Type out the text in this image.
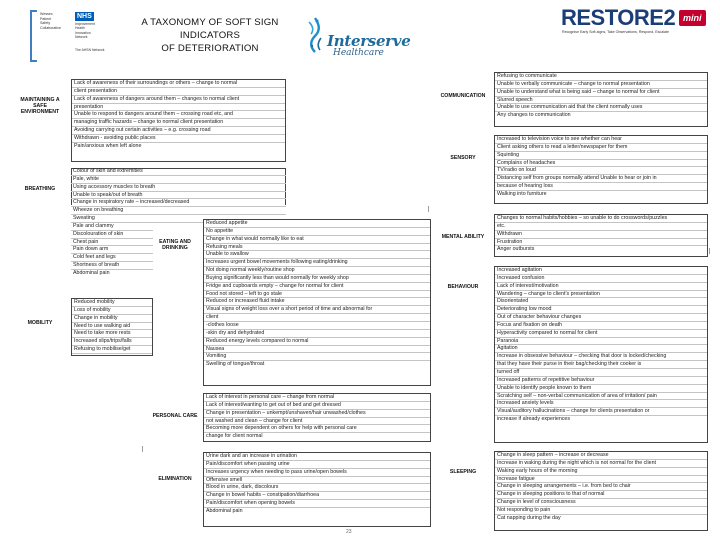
Wessex
Patient
Safety
Collaborative
NHS
Improvement
Health
Innovation
Network
The AHSN Network
A TAXONOMY OF SOFT SIGN
INDICATORS
OF DETERIORATION	Interserve
Healthcare
RESTORE2 mini
Recognise Early Soft-signs, Take Observations, Respond, Escalate
MAINTAINING A
SAFE
ENVIRONMENT
Lack of awareness of their surroundings or others – change to normal
client presentation
Lack of awareness of dangers around them – changes to normal client
presentation
Unable to respond to dangers around them – crossing road etc, and
managing traffic hazards – change to normal client presentation
Avoiding carrying out certain activities – e.g. crossing road
Withdrawn - avoiding public places
Pain/anxious when left alone
BREATHING
Colour of skin and extremities
Pale, white
Using accessory muscles to breath
Unable to speak/out of breath
Change in respiratory rate – increased/decreased
Wheeze on breathing
Sweating
Pale and clammy
Discolouration of skin
Chest pain
Pain down arm
Cold feet and legs
Shortness of breath
Abdominal pain
MOBILITY
Reduced mobility
Loss of mobility
Change in mobility
Need to use walking aid
Need to take more rests
Increased slips/trips/falls
Refusing to mobilise/get
EATING AND
DRINKING
Reduced appetite
No appetite
Change in what would normally like to eat
Refusing meals
Unable to swallow
Increases urgent bowel movements following eating/drinking
Not doing normal weekly/routine shop
Buying significantly less than would normally for weekly shop
Fridge and cupboards empty – change for normal for client
Food not stored – left to go stale
Reduced or increased fluid intake
Visual signs of weight loss over a short period of time and abnormal for
client
-clothes loose
-skin dry and dehydrated
Reduced energy levels compared to normal
Nausea
Vomiting
Swelling of tongue/throat
PERSONAL CARE
Lack of interest in personal care – change from normal
Lack of interest/wanting to get out of bed and get dressed
Change in presentation – unkempt/unshaven/hair unwashed/clothes
not washed and clean – change for client
Becoming more dependent on others for help with personal care
change for client normal
ELIMINATION
Urine dark and an increase in urination
Pain/discomfort when passing urine
Increases urgency when needing to pass urine/open bowels
Offensive smell
Blood in urine, dark, discolours
Change in bowel habits – constipation/diarrhoea
Pain/discomfort when opening bowels
Abdominal pain
COMMUNICATION
Refusing to communicate
Unable to verbally communicate – change to normal presentation
Unable to understand what is being said – change to normal for client
Slurred speech
Unable to use communication aid that the client normally uses
Any changes to communication
SENSORY
Increased to television voice to see whether can hear
Client asking others to read a letter/newspaper for them
Squinting
Complains of headaches
TV/radio on loud
Distancing self from groups normally attend Unable to hear or join in
because of hearing loss
Walking into furniture
MENTAL ABILITY
Changes to normal habits/hobbies – so unable to do crosswords/puzzles
etc.
Withdrawn
Frustration
Anger outbursts
BEHAVIOUR
Increased agitation
Increased confusion
Lack of interest/motivation
Wandering – change to client’s presentation
Disorientated
Deteriorating low mood
Out of character behaviour changes
Focus and fixation on death
Hyperactivity compared to normal for client
Paranoia
Agitation
Increase in obsessive behaviour – checking that door is locked/checking
that they have their purse in their bag/checking their cooker is
turned off
Increased patterns of repetitive behaviour
Unable to identify people known to them
Scratching self – non-verbal communication of area of irritation/ pain
Increased anxiety levels
Visual/auditory hallucinations – change for clients presentation or
increase if already experiences
SLEEPING
Change in sleep pattern – increase or decrease
Increase in waking during the night which is not normal for the client
Waking early hours of the morning
Increase fatigue
Change in sleeping arrangements – i.e. from bed to chair
Change in sleeping positions to that of normal
Change in level of consciousness
Not responding to pain
Cat napping during the day
23
